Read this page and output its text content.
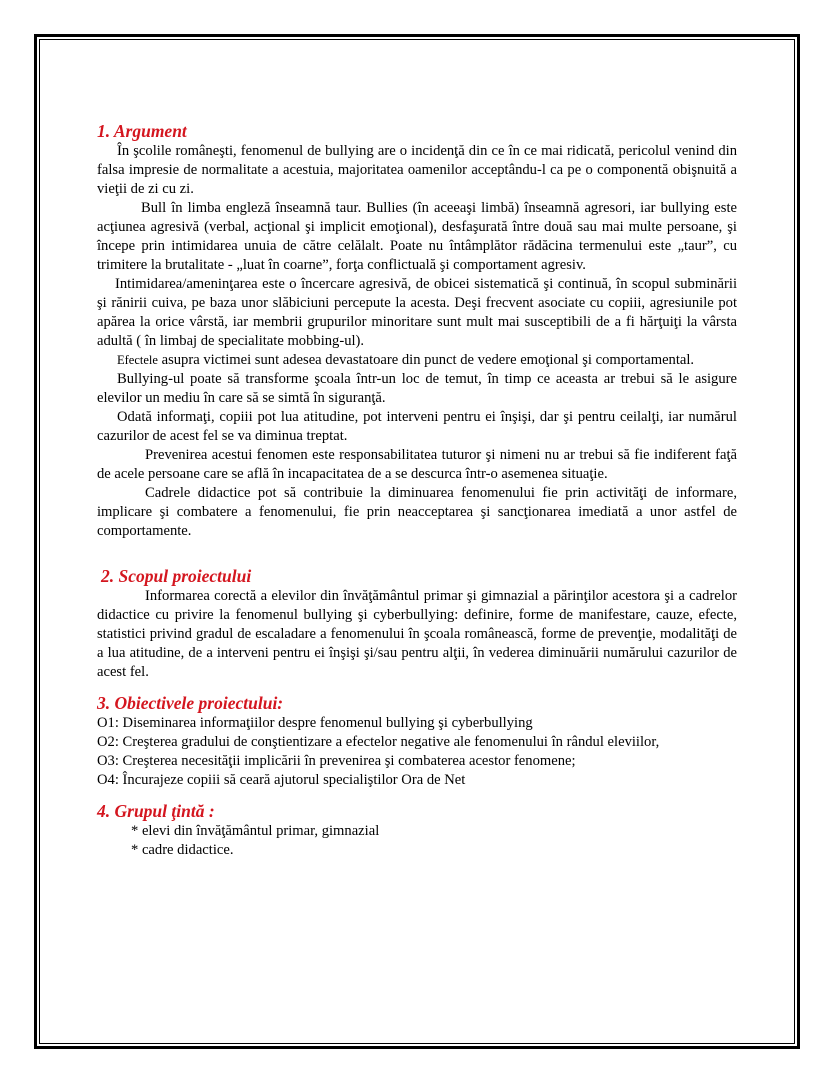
1. Argument

În şcolile româneşti, fenomenul de bullying are o incidenţă din ce în ce mai ridicată, pericolul venind din falsa impresie de normalitate a acestuia, majoritatea oamenilor acceptându-l ca pe o componentă obişnuită a vieţii de zi cu zi.

Bull în limba engleză înseamnă taur. Bullies (în aceeaşi limbă) înseamnă agresori, iar bullying este acţiunea agresivă (verbal, acţional şi implicit emoţional), desfaşurată între două sau mai multe persoane, şi începe prin intimidarea unuia de către celălalt. Poate nu întâmplător rădăcina termenului este „taur”, cu trimitere la brutalitate - „luat în coarne”, forţa conflictuală şi comportament agresiv.

Intimidarea/ameninţarea este o încercare agresivă, de obicei sistematică şi continuă, în scopul subminării şi rănirii cuiva, pe baza unor slăbiciuni percepute la acesta. Deşi frecvent asociate cu copiii, agresiunile pot apărea la orice vârstă, iar membrii grupurilor minoritare sunt mult mai susceptibili de a fi hărţuiţi la vârsta adultă ( în limbaj de specialitate mobbing-ul).

Efectele asupra victimei sunt adesea devastatoare din punct de vedere emoţional şi comportamental.

Bullying-ul poate să transforme şcoala într-un loc de temut, în timp ce aceasta ar trebui să le asigure elevilor un mediu în care să se simtă în siguranţă.

Odată informaţi, copiii pot lua atitudine, pot interveni pentru ei înşişi, dar şi pentru ceilalţi, iar numărul cazurilor de acest fel se va diminua treptat.

Prevenirea acestui fenomen este responsabilitatea tuturor şi nimeni nu ar trebui să fie indiferent faţă de acele persoane care se află în incapacitatea de a se descurca într-o asemenea situaţie.

Cadrele didactice pot să contribuie la diminuarea fenomenului fie prin activităţi de informare, implicare şi combatere a fenomenului, fie prin neacceptarea şi sancţionarea imediată a unor astfel de comportamente.

2. Scopul proiectului

Informarea corectă a elevilor din învăţământul primar şi gimnazial a părinţilor acestora şi a cadrelor didactice cu privire la fenomenul bullying şi cyberbullying: definire, forme de manifestare, cauze, efecte, statistici privind gradul de escaladare a fenomenului în şcoala românească, forme de prevenţie, modalităţi de a lua atitudine, de a interveni pentru ei înşişi şi/sau pentru alţii, în vederea diminuării numărului cazurilor de acest fel.

3. Obiectivele proiectului:

O1: Diseminarea informaţiilor despre fenomenul bullying şi cyberbullying

O2: Creşterea gradului de conştientizare a efectelor negative ale fenomenului în rândul eleviilor,

O3: Creşterea necesităţii implicării în prevenirea şi combaterea acestor fenomene;

O4: Încurajeze copiii să ceară ajutorul specialiştilor Ora de Net

4. Grupul ţintă :

* elevi din învăţământul primar, gimnazial

* cadre didactice.
